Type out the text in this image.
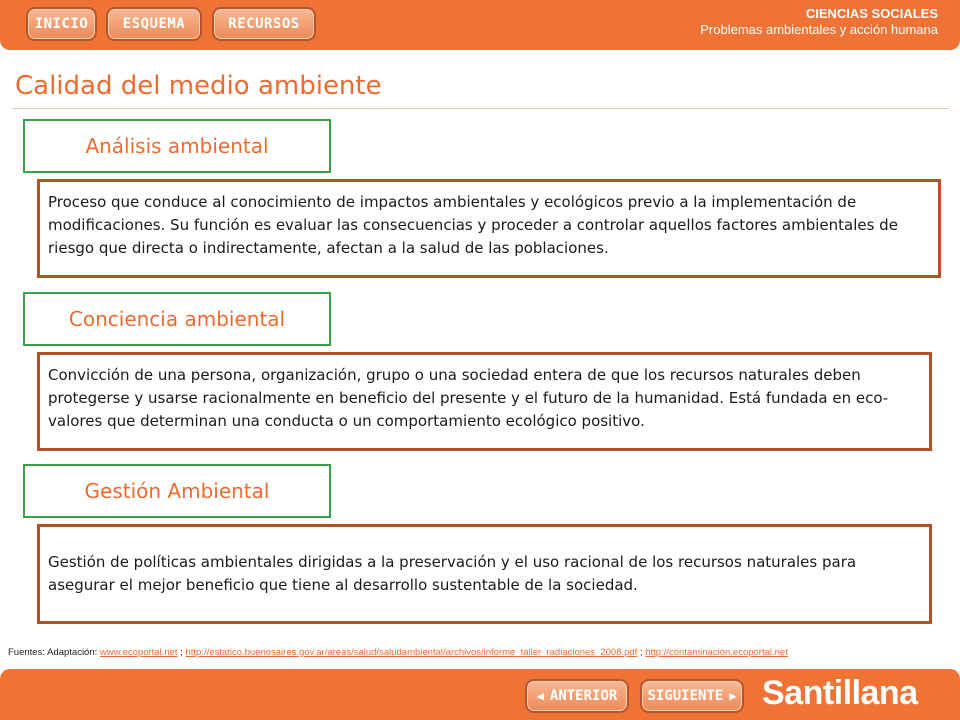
INICIO	ESQUEMA	RECURSOS
CIENCIAS SOCIALES
Problemas ambientales y acción humana
Calidad del medio ambiente
Análisis ambiental
Proceso que conduce al conocimiento de impactos ambientales y ecológicos previo a la implementación de modificaciones. Su función es evaluar las consecuencias y proceder a controlar aquellos factores ambientales de riesgo que directa o indirectamente, afectan a la salud de las poblaciones.
Conciencia ambiental
Convicción de una persona, organización, grupo o una sociedad entera de que los recursos naturales deben protegerse y usarse racionalmente en beneficio del presente y el futuro de la humanidad. Está fundada en eco-valores que determinan una conducta o un comportamiento ecológico positivo.
Gestión Ambiental
Gestión de políticas ambientales dirigidas a la preservación y el uso racional de los recursos naturales para asegurar el mejor beneficio que tiene al desarrollo sustentable de la sociedad.
Fuentes: Adaptación: www.ecoportal.net ; http://estatico.buenosaires.gov.ar/areas/salud/saludambiental/archivos/informe_taller_radiaciones_2008.pdf ; http://contaminacion.ecoportal.net
◀ ANTERIOR SIGUIENTE ▶ Santillana
